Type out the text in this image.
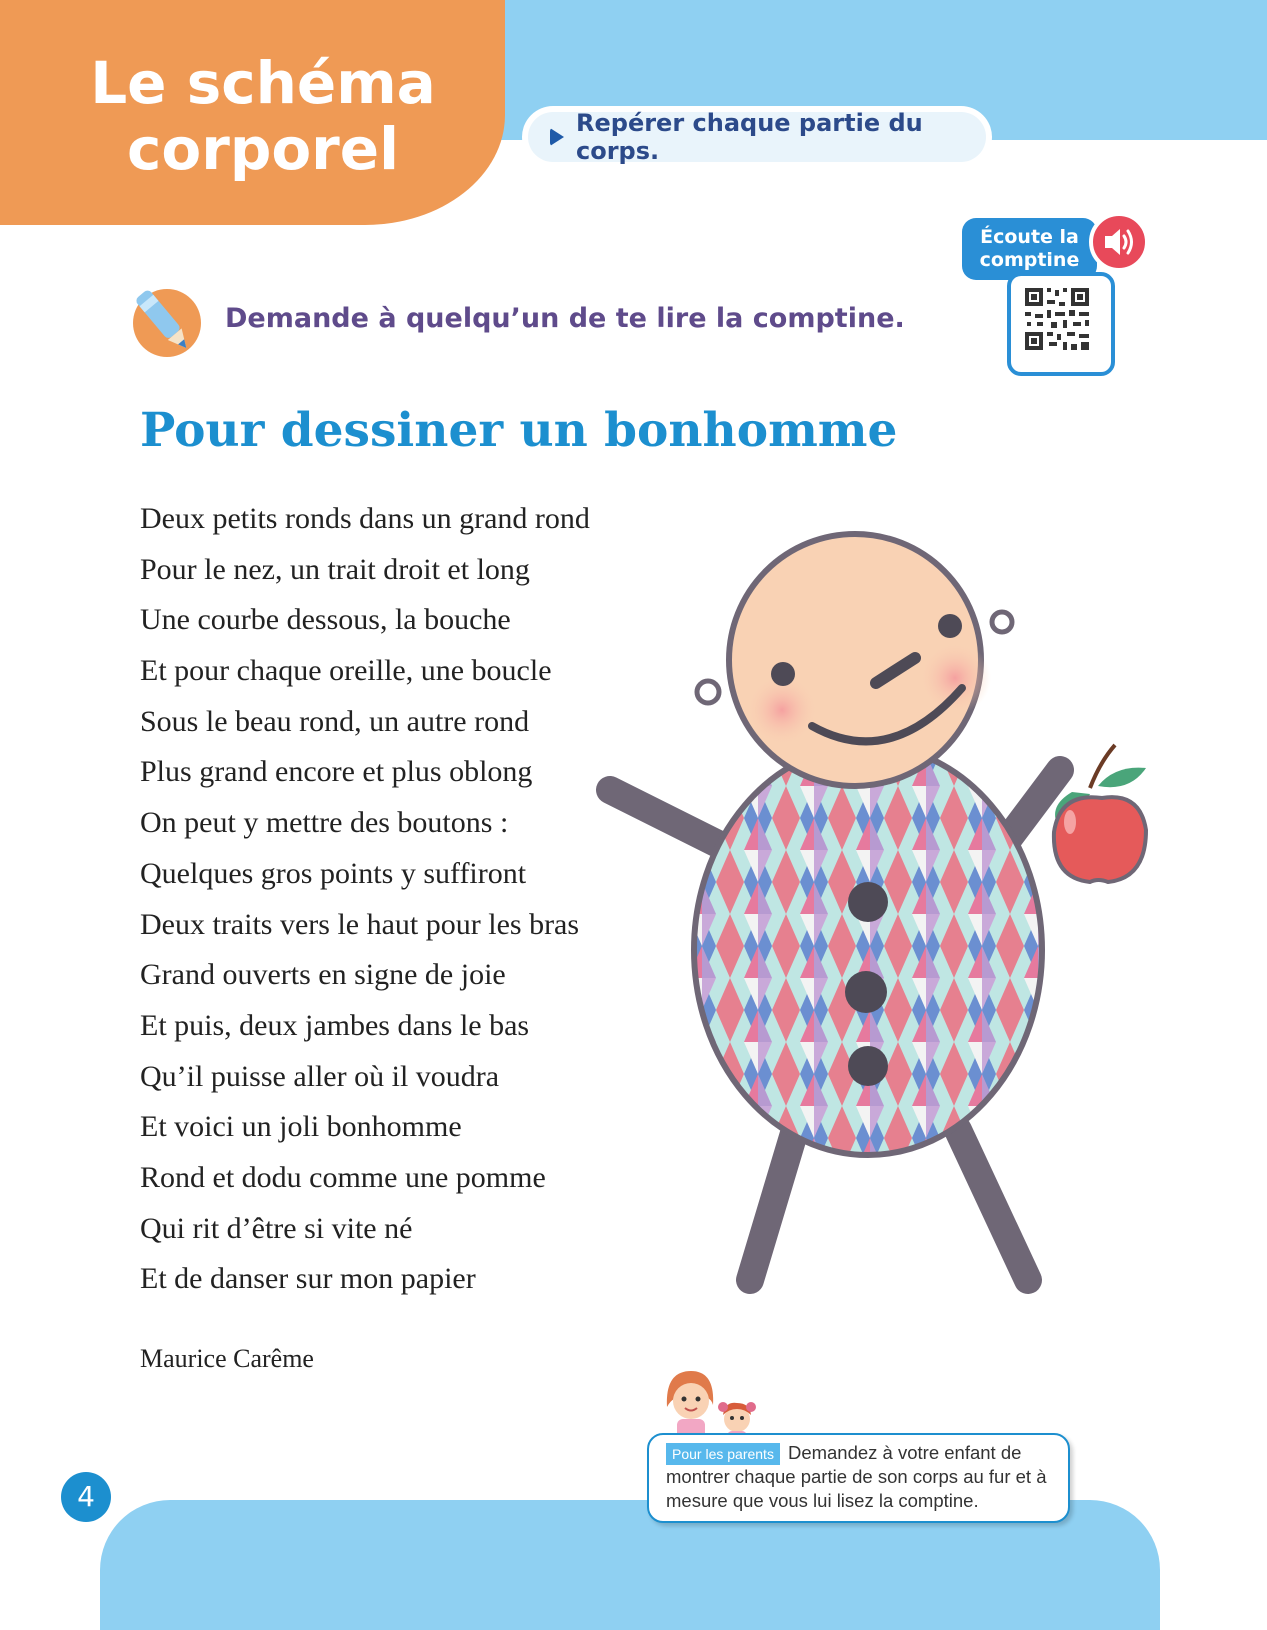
Le schéma
corporel	Repérer chaque partie du corps.
Demande à quelqu’un de te lire la comptine.
Écoute la
comptine
Pour dessiner un bonhomme
Deux petits ronds dans un grand rond
Pour le nez, un trait droit et long
Une courbe dessous, la bouche
Et pour chaque oreille, une boucle
Sous le beau rond, un autre rond
Plus grand encore et plus oblong
On peut y mettre des boutons :
Quelques gros points y suffiront
Deux traits vers le haut pour les bras
Grand ouverts en signe de joie
Et puis, deux jambes dans le bas
Qu’il puisse aller où il voudra
Et voici un joli bonhomme
Rond et dodu comme une pomme
Qui rit d’être si vite né
Et de danser sur mon papier
Maurice Carême
4
Pour les parents Demandez à votre enfant de montrer chaque partie de son corps au fur et à mesure que vous lui lisez la comptine.
